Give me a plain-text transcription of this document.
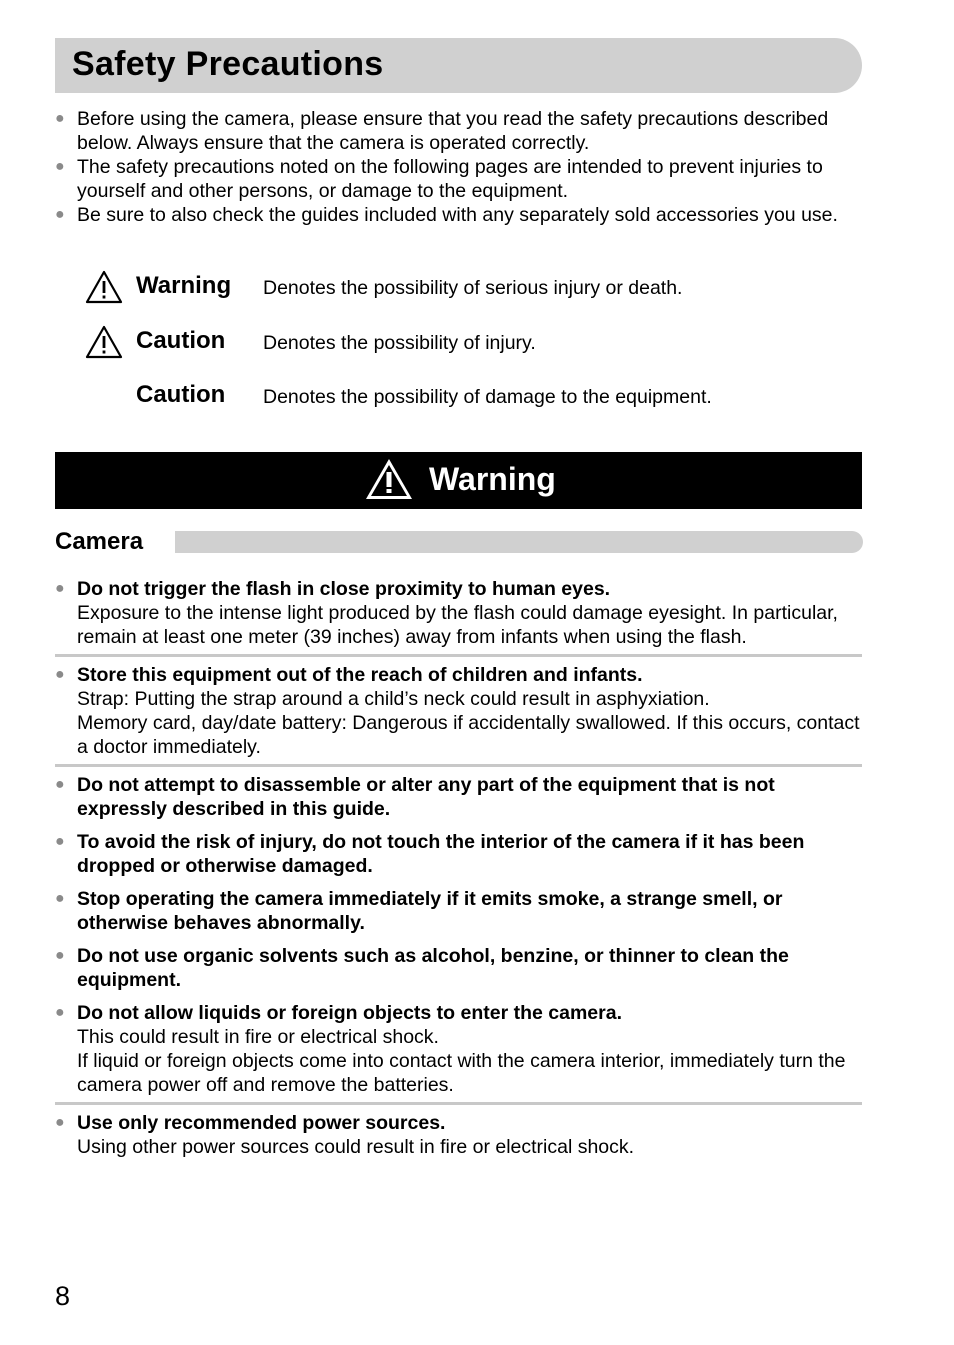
Safety Precautions
● Before using the camera, please ensure that you read the safety precautions described below. Always ensure that the camera is operated correctly.
● The safety precautions noted on the following pages are intended to prevent injuries to yourself and other persons, or damage to the equipment.
● Be sure to also check the guides included with any separately sold accessories you use.
Warning Denotes the possibility of serious injury or death.
Caution Denotes the possibility of injury.
Caution Denotes the possibility of damage to the equipment.
Warning
Camera
● Do not trigger the flash in close proximity to human eyes.
Exposure to the intense light produced by the flash could damage eyesight. In particular, remain at least one meter (39 inches) away from infants when using the flash.
● Store this equipment out of the reach of children and infants.
Strap: Putting the strap around a child’s neck could result in asphyxiation.
Memory card, day/date battery: Dangerous if accidentally swallowed. If this occurs, contact a doctor immediately.
● Do not attempt to disassemble or alter any part of the equipment that is not expressly described in this guide.
● To avoid the risk of injury, do not touch the interior of the camera if it has been dropped or otherwise damaged.
● Stop operating the camera immediately if it emits smoke, a strange smell, or otherwise behaves abnormally.
● Do not use organic solvents such as alcohol, benzine, or thinner to clean the equipment.
● Do not allow liquids or foreign objects to enter the camera.
This could result in fire or electrical shock.
If liquid or foreign objects come into contact with the camera interior, immediately turn the camera power off and remove the batteries.
● Use only recommended power sources.
Using other power sources could result in fire or electrical shock.
8
